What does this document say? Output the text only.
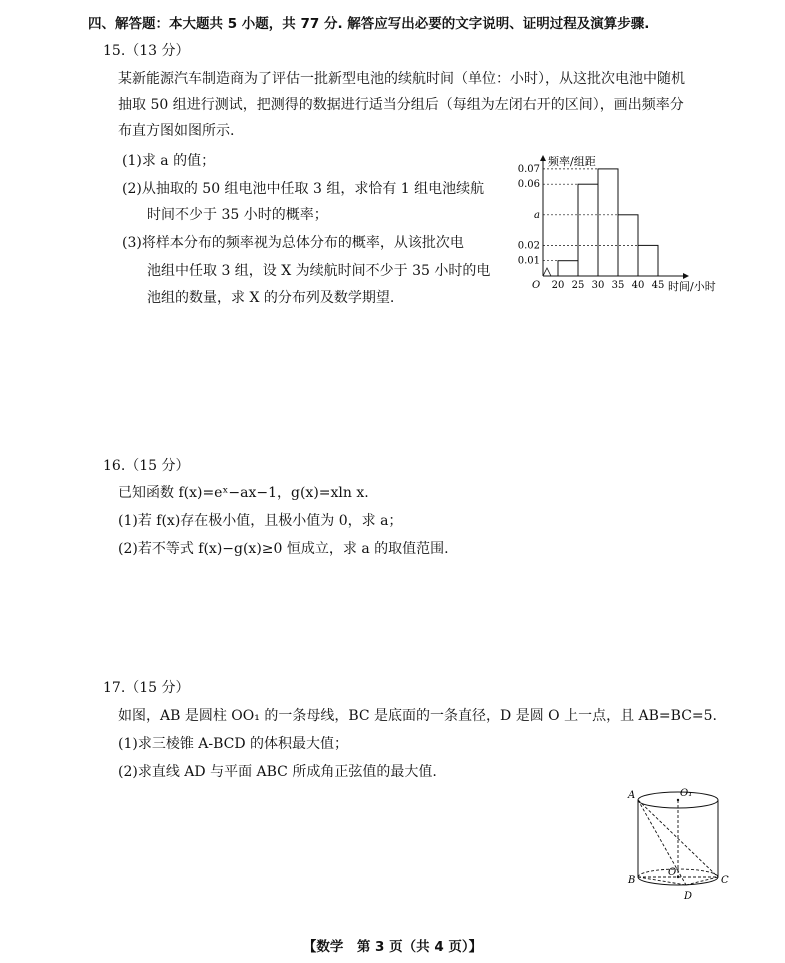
四、解答题：本大题共 5 小题，共 77 分. 解答应写出必要的文字说明、证明过程及演算步骤.
15.（13 分）
某新能源汽车制造商为了评估一批新型电池的续航时间（单位：小时），从这批次电池中随机
抽取 50 组进行测试，把测得的数据进行适当分组后（每组为左闭右开的区间），画出频率分
布直方图如图所示.
(1)求 a 的值；
(2)从抽取的 50 组电池中任取 3 组，求恰有 1 组电池续航
时间不少于 35 小时的概率；
(3)将样本分布的频率视为总体分布的概率，从该批次电
池组中任取 3 组，设 X 为续航时间不少于 35 小时的电
池组的数量，求 X 的分布列及数学期望.
0.07
0.06
a
0.02
0.01
20 25 30 35 40 45
频率/组距
时间/小时
O
16.（15 分）
已知函数 f(x)=eˣ−ax−1，g(x)=xln x.
(1)若 f(x)存在极小值，且极小值为 0，求 a；
(2)若不等式 f(x)−g(x)≥0 恒成立，求 a 的取值范围.
17.（15 分）
如图，AB 是圆柱 OO₁ 的一条母线，BC 是底面的一条直径，D 是圆 O 上一点，且 AB=BC=5.
(1)求三棱锥 A-BCD 的体积最大值；
(2)求直线 AD 与平面 ABC 所成角正弦值的最大值.
A	O₁
B
O
C
D
【数学　第 3 页（共 4 页）】
